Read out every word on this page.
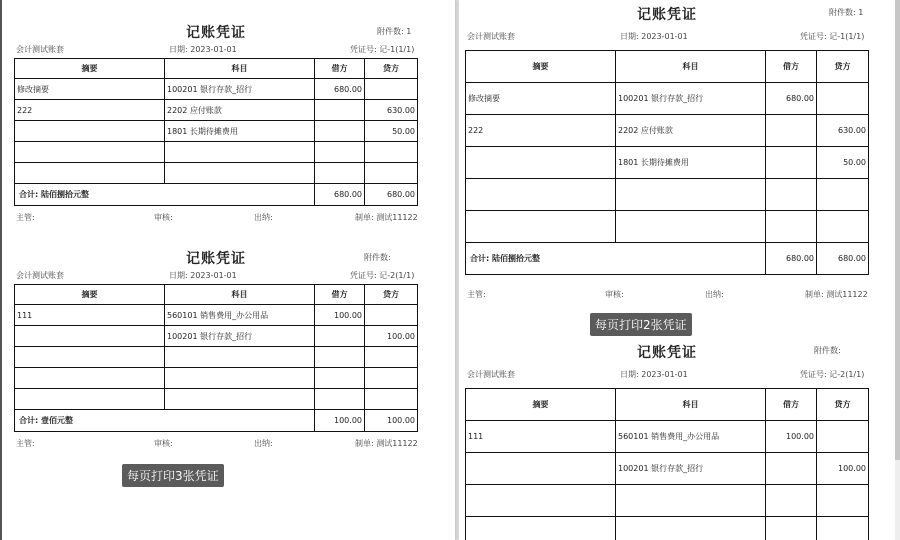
记账凭证	附件数: 1
会计测试账套	日期: 2023-01-01	凭证号: 记-1(1/1)
摘要	科目	借方	贷方
修改摘要	100201 银行存款_招行	680.00	
222	2202 应付账款		630.00
	1801 长期待摊费用		50.00

合计: 陆佰捌拾元整		680.00	680.00
主管:	审核:	出纳:	制单: 测试11122
记账凭证	附件数:
会计测试账套	日期: 2023-01-01	凭证号: 记-2(1/1)
摘要	科目	借方	贷方
111	560101 销售费用_办公用品	100.00	
	100201 银行存款_招行		100.00

合计: 壹佰元整		100.00	100.00
主管:	审核:	出纳:	制单: 测试11122
每页打印3张凭证
记账凭证	附件数: 1
会计测试账套	日期: 2023-01-01	凭证号: 记-1(1/1)
摘要	科目	借方	贷方
修改摘要	100201 银行存款_招行	680.00	
222	2202 应付账款		630.00
	1801 长期待摊费用		50.00

合计: 陆佰捌拾元整		680.00	680.00
主管:	审核:	出纳:	制单: 测试11122
每页打印2张凭证
记账凭证	附件数:
会计测试账套	日期: 2023-01-01	凭证号: 记-2(1/1)
摘要	科目	借方	贷方
111	560101 销售费用_办公用品	100.00	
	100201 银行存款_招行		100.00
